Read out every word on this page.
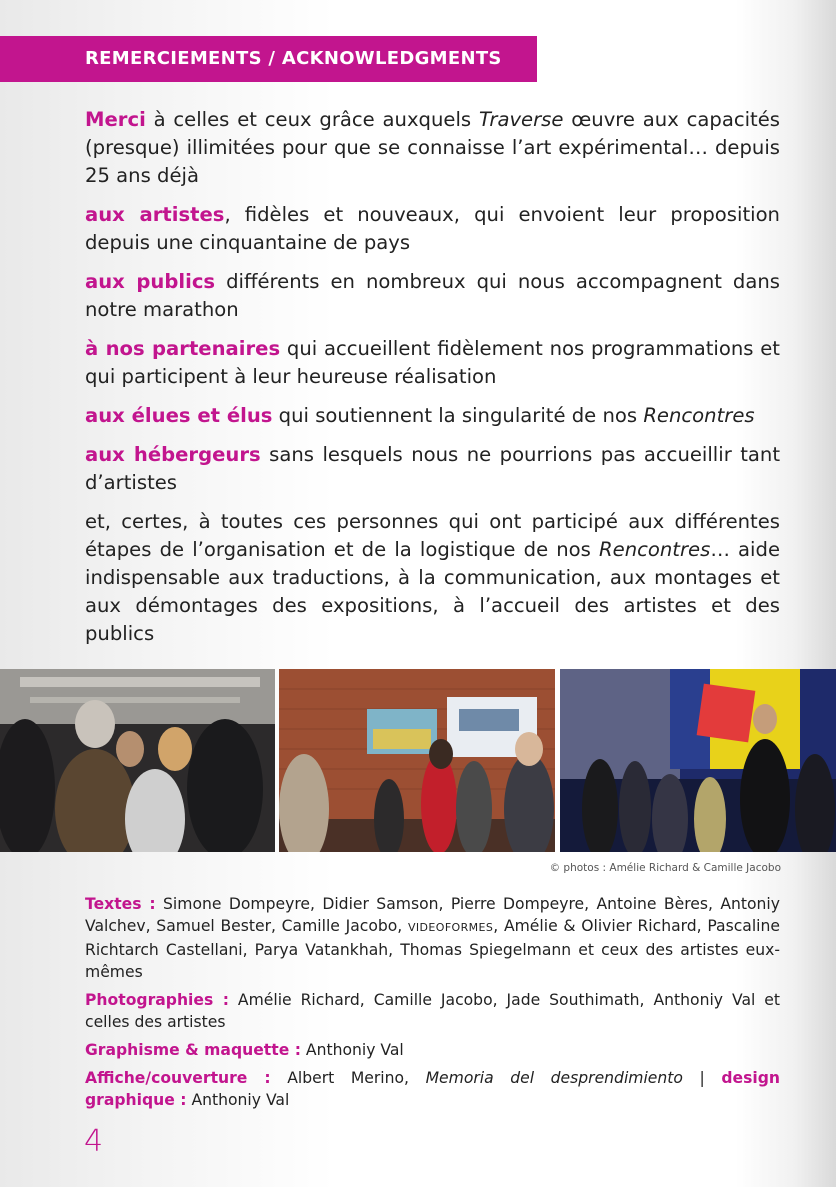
REMERCIEMENTS / ACKNOWLEDGMENTS

Merci à celles et ceux grâce auxquels Traverse œuvre aux capacités (presque) illimitées pour que se connaisse l’art expérimental… depuis 25 ans déjà

aux artistes, fidèles et nouveaux, qui envoient leur proposition depuis une cinquantaine de pays

aux publics différents en nombreux qui nous accompagnent dans notre marathon

à nos partenaires qui accueillent fidèlement nos programmations et qui participent à leur heureuse réalisation

aux élues et élus qui soutiennent la singularité de nos Rencontres

aux hébergeurs sans lesquels nous ne pourrions pas accueillir tant d’artistes

et, certes, à toutes ces personnes qui ont participé aux différentes étapes de l’organisation et de la logistique de nos Rencontres… aide indispensable aux traductions, à la communication, aux montages et aux démontages des expositions, à l’accueil des artistes et des publics

© photos : Amélie Richard & Camille Jacobo

Textes : Simone Dompeyre, Didier Samson, Pierre Dompeyre, Antoine Bères, Antoniy Valchev, Samuel Bester, Camille Jacobo, VIDEOFORMES, Amélie & Olivier Richard, Pascaline Richtarch Castellani, Parya Vatankhah, Thomas Spiegelmann et ceux des artistes eux-mêmes

Photographies : Amélie Richard, Camille Jacobo, Jade Southimath, Anthoniy Val et celles des artistes

Graphisme & maquette : Anthoniy Val

Affiche/couverture : Albert Merino, Memoria del desprendimiento | design graphique : Anthoniy Val

4
